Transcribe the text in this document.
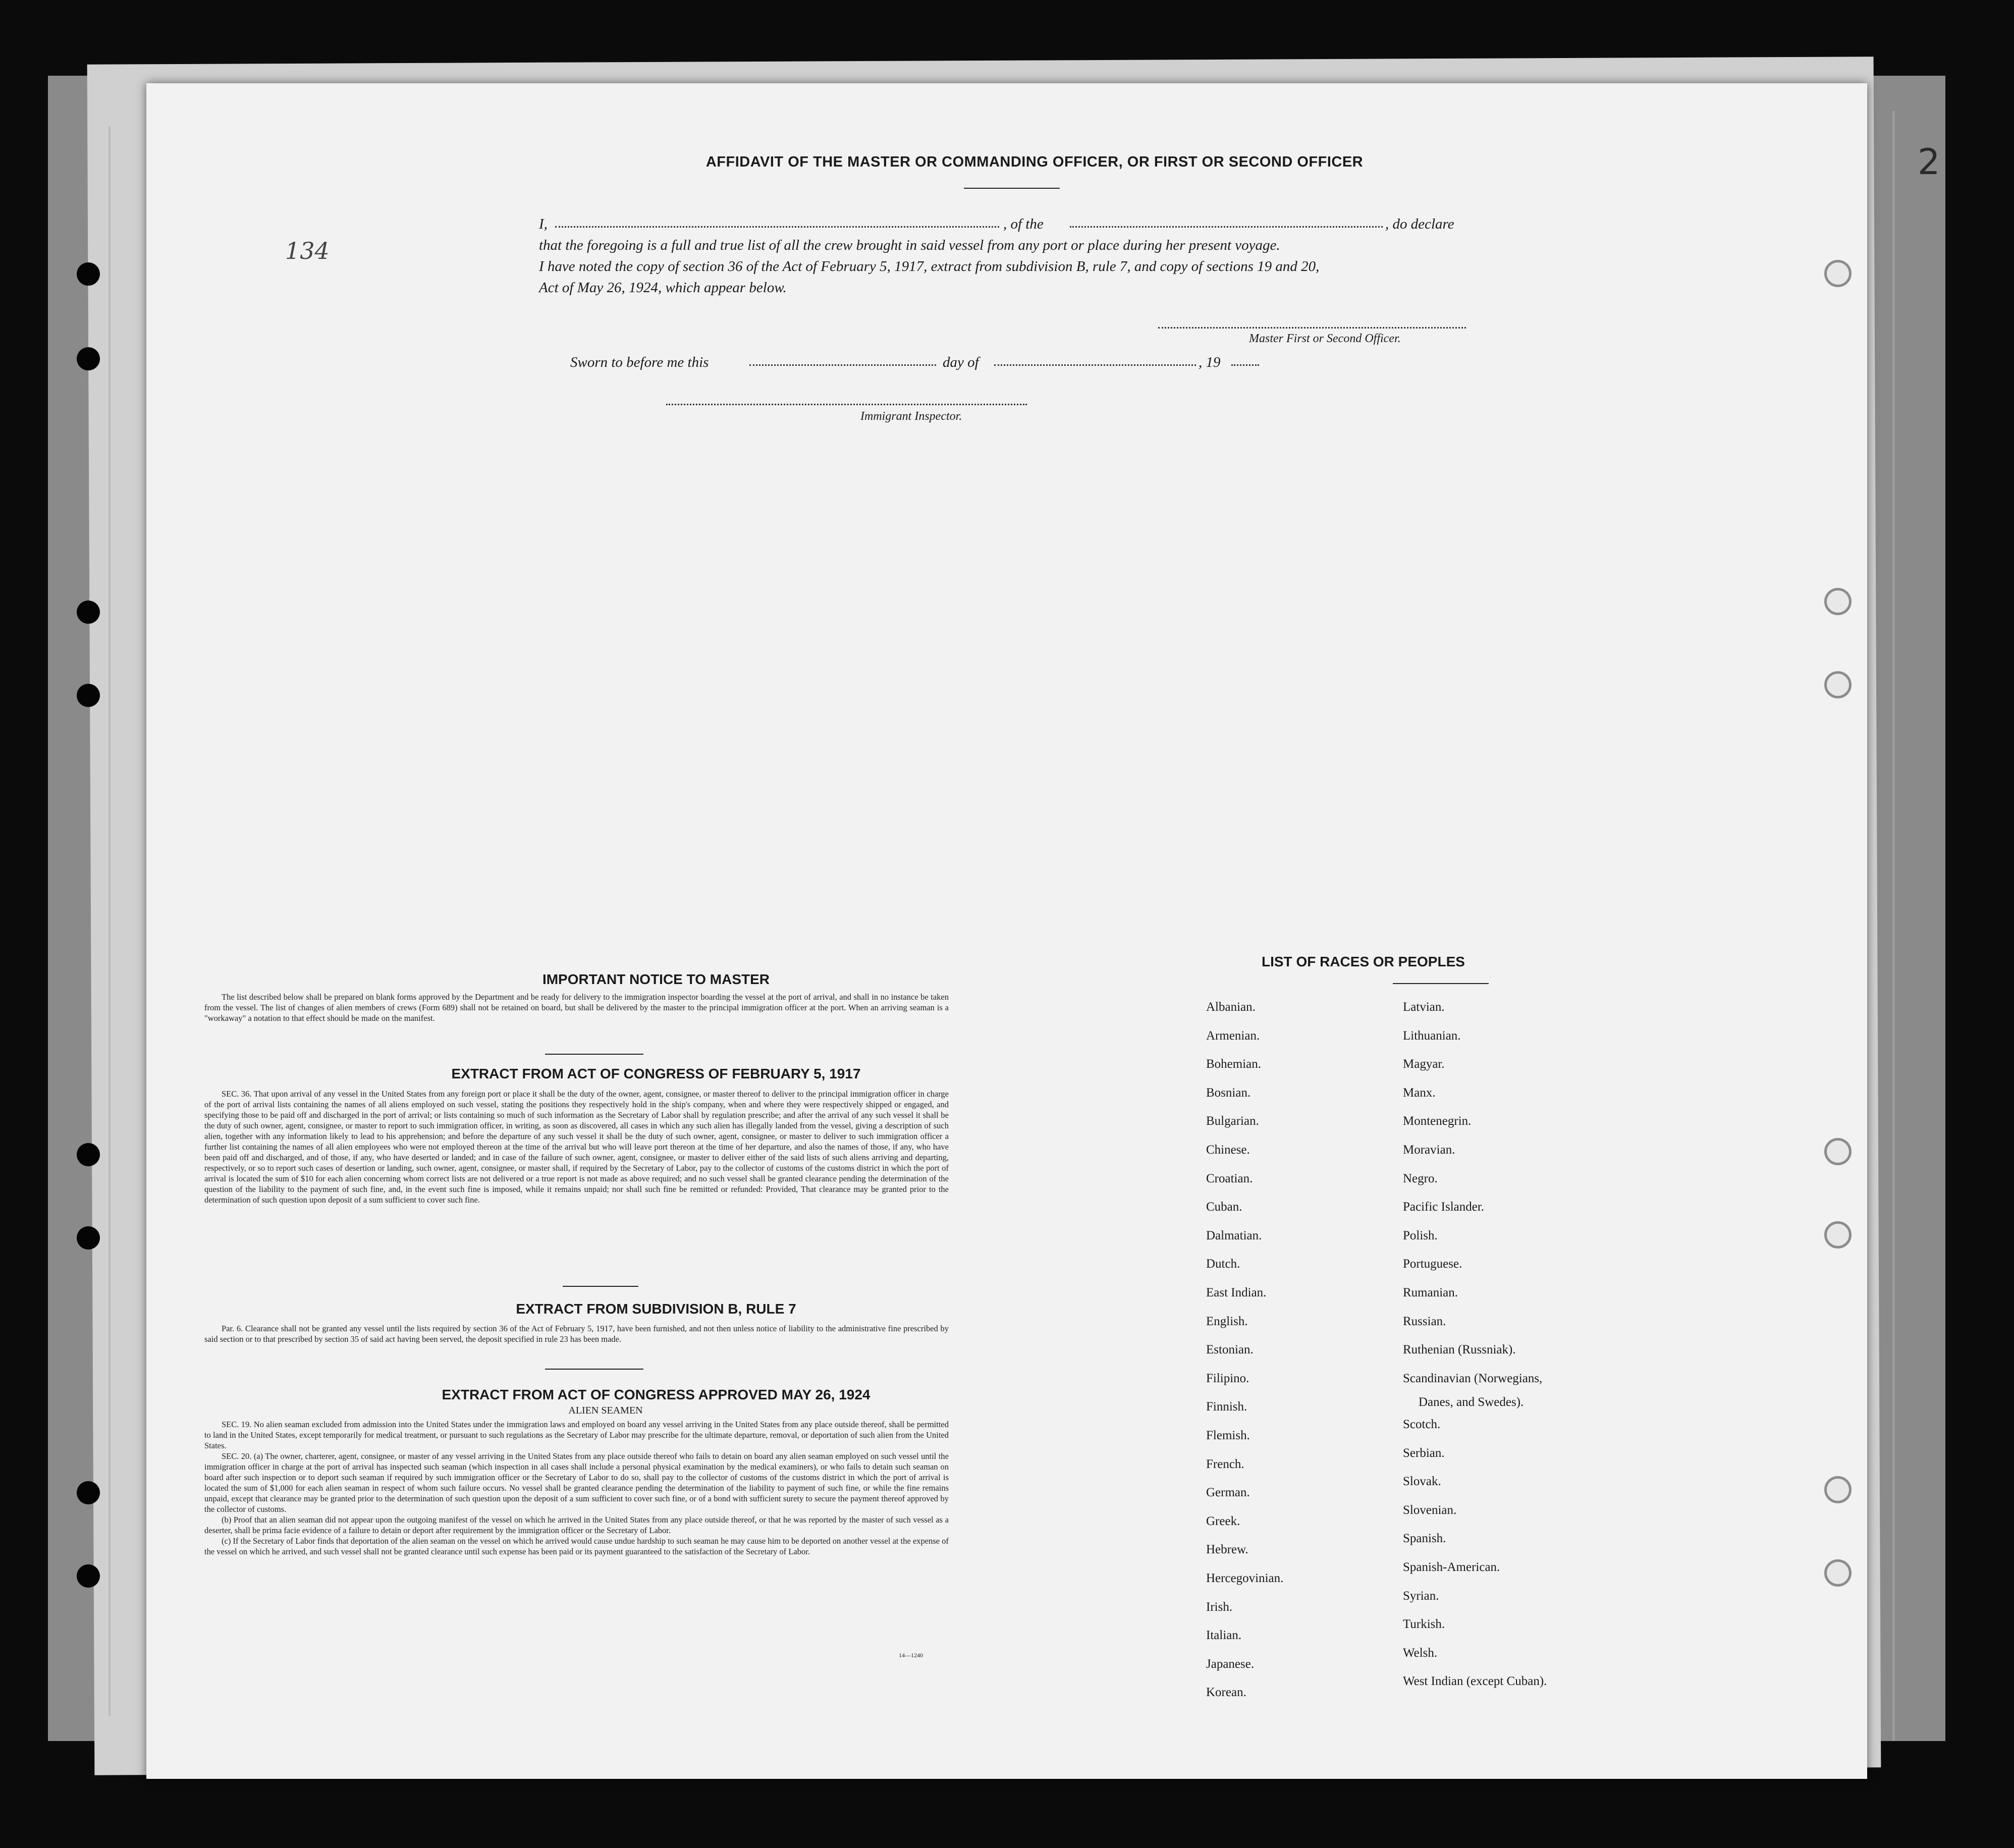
2
134
AFFIDAVIT OF THE MASTER OR COMMANDING OFFICER, OR FIRST OR SECOND OFFICER
I,	, of the	, do declare
that the foregoing is a full and true list of all the crew brought in said vessel from any port or place during her present voyage.
I have noted the copy of section 36 of the Act of February 5, 1917, extract from subdivision B, rule 7, and copy of sections 19 and 20,
Act of May 26, 1924, which appear below.
Master First or Second Officer.
Sworn to before me this	day of	, 19
Immigrant Inspector.
IMPORTANT NOTICE TO MASTER

The list described below shall be prepared on blank forms approved by the Department and be ready for delivery to the immigration inspector boarding the vessel at the port of arrival, and shall in no instance be taken from the vessel. The list of changes of alien members of crews (Form 689) shall not be retained on board, but shall be delivered by the master to the principal immigration officer at the port. When an arriving seaman is a "workaway" a notation to that effect should be made on the manifest.

EXTRACT FROM ACT OF CONGRESS OF FEBRUARY 5, 1917

SEC. 36. That upon arrival of any vessel in the United States from any foreign port or place it shall be the duty of the owner, agent, consignee, or master thereof to deliver to the principal immigration officer in charge of the port of arrival lists containing the names of all aliens employed on such vessel, stating the positions they respectively hold in the ship's company, when and where they were respectively shipped or engaged, and specifying those to be paid off and discharged in the port of arrival; or lists containing so much of such information as the Secretary of Labor shall by regulation prescribe; and after the arrival of any such vessel it shall be the duty of such owner, agent, consignee, or master to report to such immigration officer, in writing, as soon as discovered, all cases in which any such alien has illegally landed from the vessel, giving a description of such alien, together with any information likely to lead to his apprehension; and before the departure of any such vessel it shall be the duty of such owner, agent, consignee, or master to deliver to such immigration officer a further list containing the names of all alien employees who were not employed thereon at the time of the arrival but who will leave port thereon at the time of her departure, and also the names of those, if any, who have been paid off and discharged, and of those, if any, who have deserted or landed; and in case of the failure of such owner, agent, consignee, or master to deliver either of the said lists of such aliens arriving and departing, respectively, or so to report such cases of desertion or landing, such owner, agent, consignee, or master shall, if required by the Secretary of Labor, pay to the collector of customs of the customs district in which the port of arrival is located the sum of $10 for each alien concerning whom correct lists are not delivered or a true report is not made as above required; and no such vessel shall be granted clearance pending the determination of the question of the liability to the payment of such fine, and, in the event such fine is imposed, while it remains unpaid; nor shall such fine be remitted or refunded: Provided, That clearance may be granted prior to the determination of such question upon deposit of a sum sufficient to cover such fine.

EXTRACT FROM SUBDIVISION B, RULE 7

Par. 6. Clearance shall not be granted any vessel until the lists required by section 36 of the Act of February 5, 1917, have been furnished, and not then unless notice of liability to the administrative fine prescribed by said section or to that prescribed by section 35 of said act having been served, the deposit specified in rule 23 has been made.

EXTRACT FROM ACT OF CONGRESS APPROVED MAY 26, 1924
ALIEN SEAMEN

SEC. 19. No alien seaman excluded from admission into the United States under the immigration laws and employed on board any vessel arriving in the United States from any place outside thereof, shall be permitted to land in the United States, except temporarily for medical treatment, or pursuant to such regulations as the Secretary of Labor may prescribe for the ultimate departure, removal, or deportation of such alien from the United States.

SEC. 20. (a) The owner, charterer, agent, consignee, or master of any vessel arriving in the United States from any place outside thereof who fails to detain on board any alien seaman employed on such vessel until the immigration officer in charge at the port of arrival has inspected such seaman (which inspection in all cases shall include a personal physical examination by the medical examiners), or who fails to detain such seaman on board after such inspection or to deport such seaman if required by such immigration officer or the Secretary of Labor to do so, shall pay to the collector of customs of the customs district in which the port of arrival is located the sum of $1,000 for each alien seaman in respect of whom such failure occurs. No vessel shall be granted clearance pending the determination of the liability to payment of such fine, or while the fine remains unpaid, except that clearance may be granted prior to the determination of such question upon the deposit of a sum sufficient to cover such fine, or of a bond with sufficient surety to secure the payment thereof approved by the collector of customs.

(b) Proof that an alien seaman did not appear upon the outgoing manifest of the vessel on which he arrived in the United States from any place outside thereof, or that he was reported by the master of such vessel as a deserter, shall be prima facie evidence of a failure to detain or deport after requirement by the immigration officer or the Secretary of Labor.

(c) If the Secretary of Labor finds that deportation of the alien seaman on the vessel on which he arrived would cause undue hardship to such seaman he may cause him to be deported on another vessel at the expense of the vessel on which he arrived, and such vessel shall not be granted clearance until such expense has been paid or its payment guaranteed to the satisfaction of the Secretary of Labor.

14—1240
LIST OF RACES OR PEOPLES
Albanian.
Armenian.
Bohemian.
Bosnian.
Bulgarian.
Chinese.
Croatian.
Cuban.
Dalmatian.
Dutch.
East Indian.
English.
Estonian.
Filipino.
Finnish.
Flemish.
French.
German.
Greek.
Hebrew.
Hercegovinian.
Irish.
Italian.
Japanese.
Korean.
Latvian.
Lithuanian.
Magyar.
Manx.
Montenegrin.
Moravian.
Negro.
Pacific Islander.
Polish.
Portuguese.
Rumanian.
Russian.
Ruthenian (Russniak).
Scandinavian (Norwegians,
Scotch.
Serbian.
Slovak.
Slovenian.
Spanish.
Spanish-American.
Syrian.
Turkish.
Welsh.
West Indian (except Cuban).
Danes, and Swedes).
